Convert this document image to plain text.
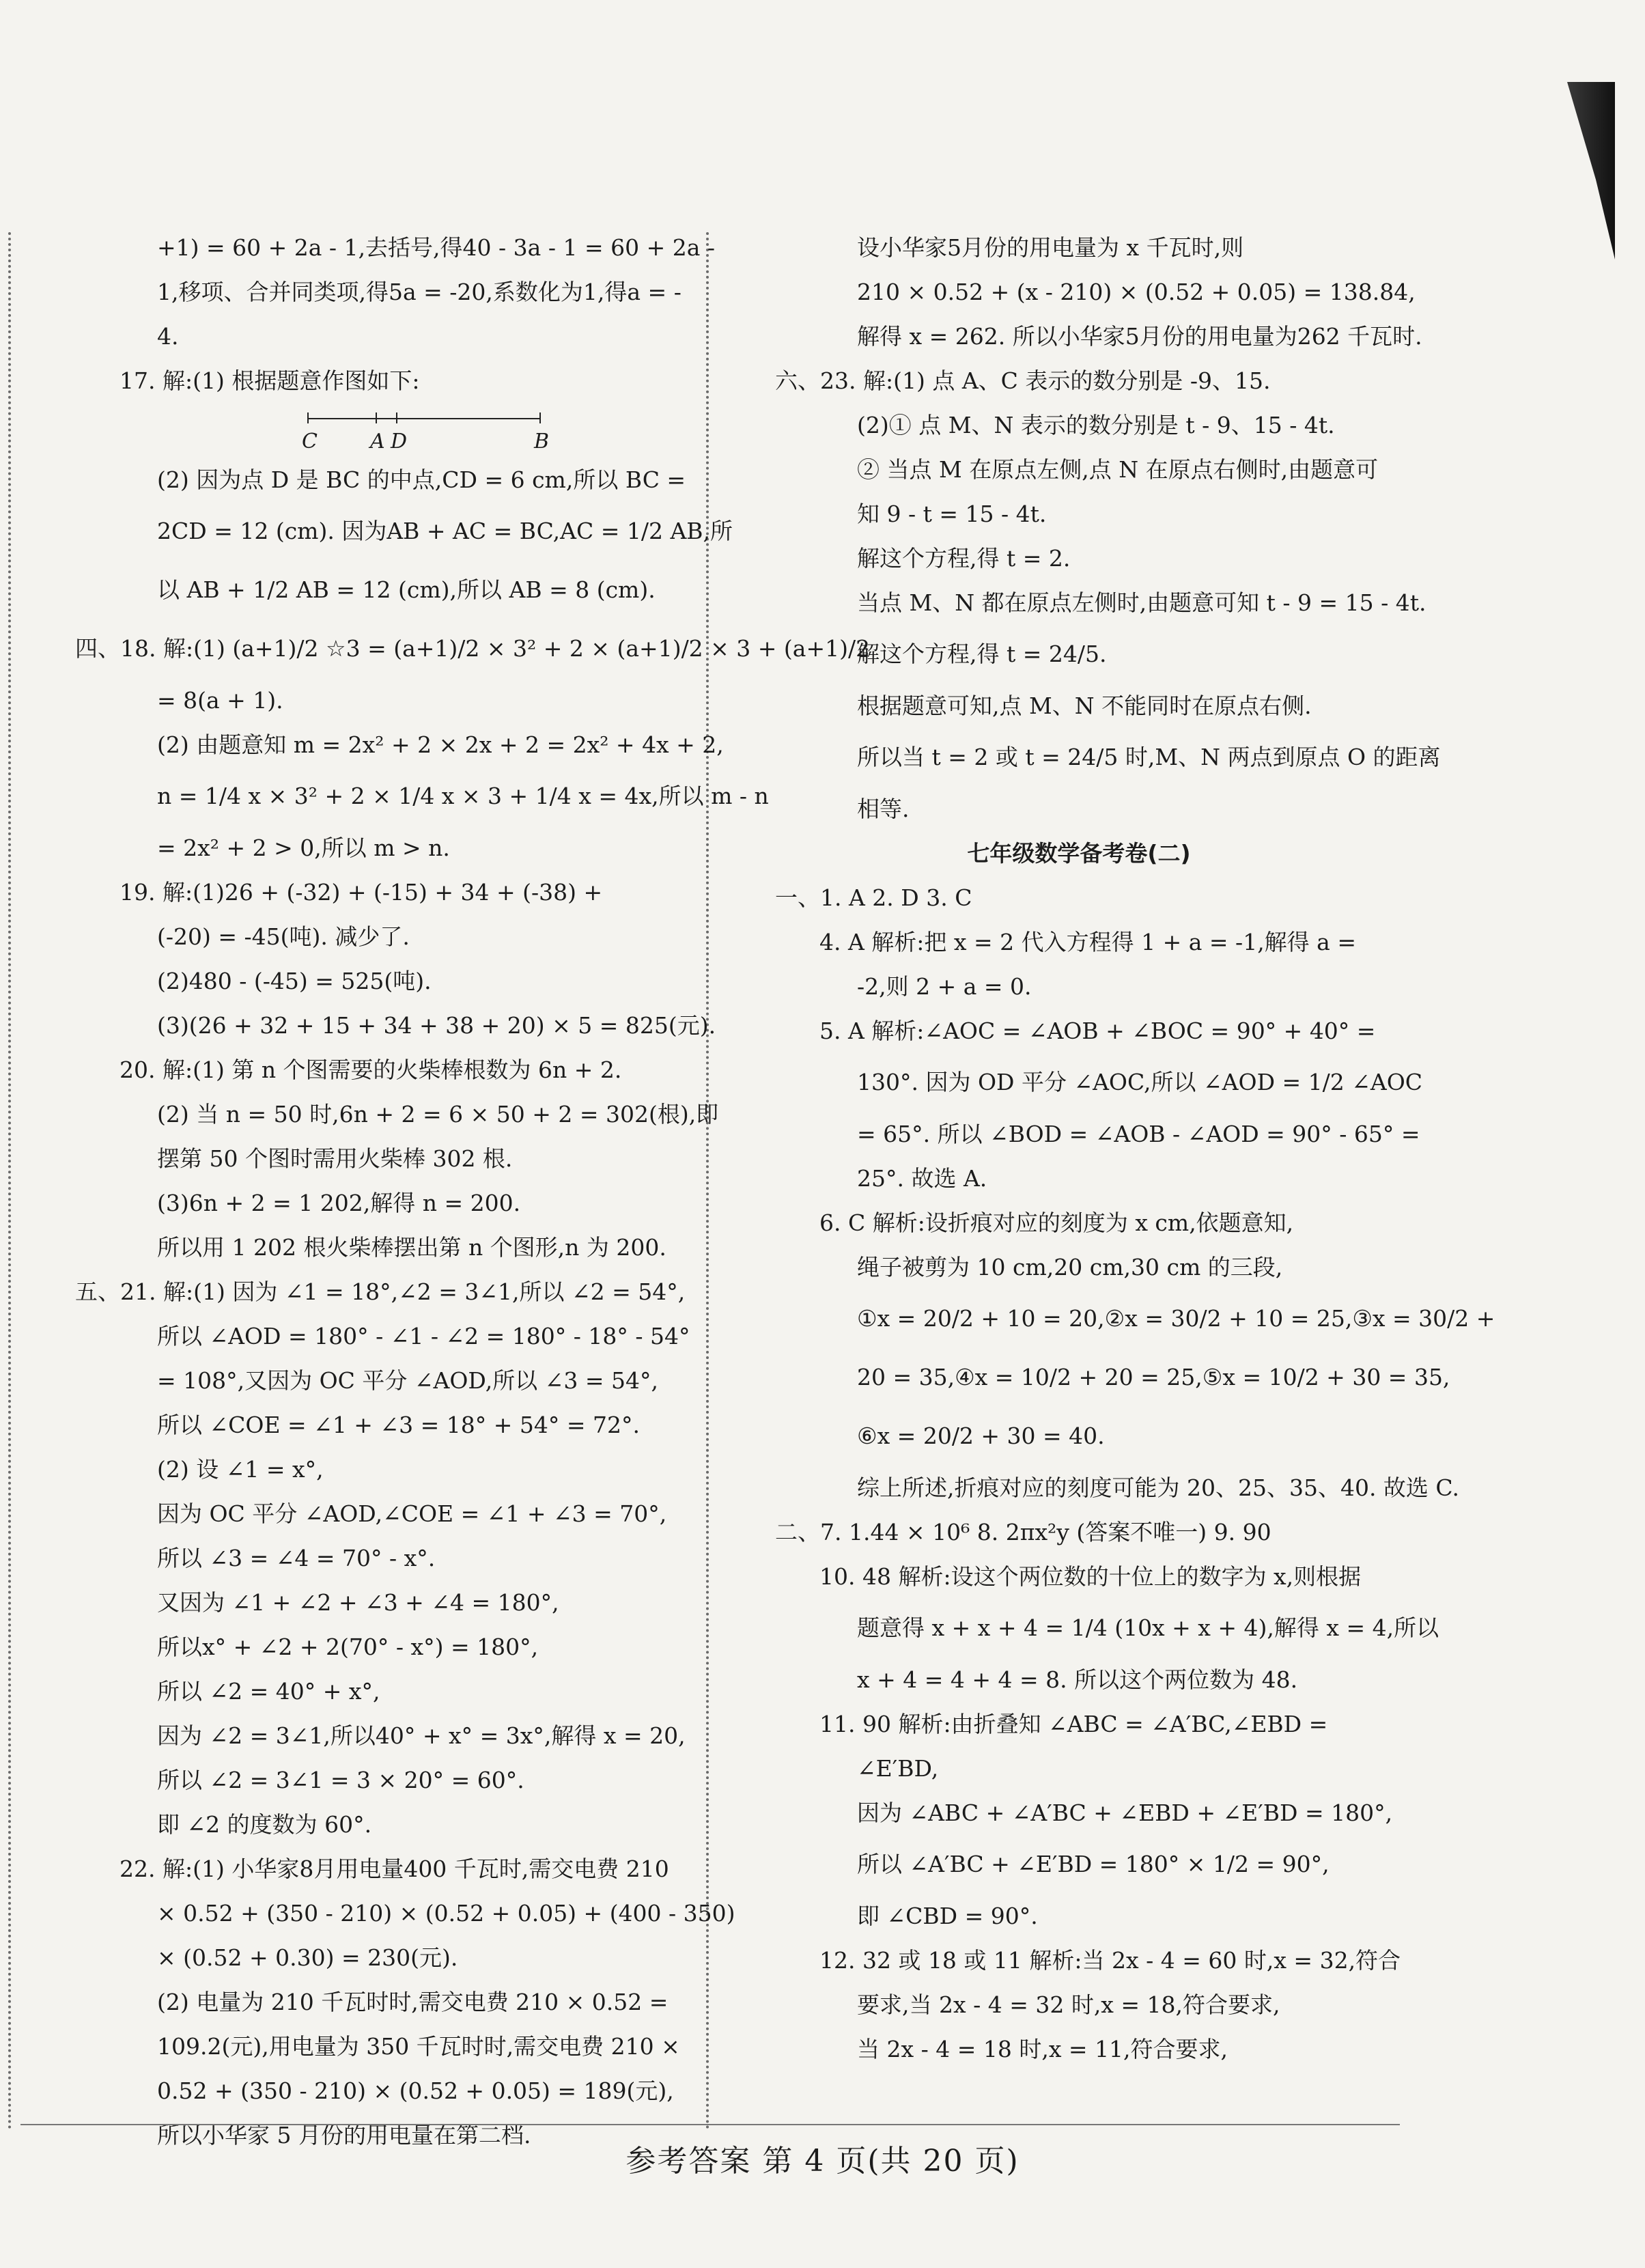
+1) = 60 + 2a - 1,去括号,得40 - 3a - 1 = 60 + 2a -
1,移项、合并同类项,得5a = -20,系数化为1,得a = -
4.
17. 解:(1) 根据题意作图如下:
C	A D	B
(2) 因为点 D 是 BC 的中点,CD = 6 cm,所以 BC =
2CD = 12 (cm). 因为AB + AC = BC,AC = 1/2 AB,所
以 AB + 1/2 AB = 12 (cm),所以 AB = 8 (cm).
四、18. 解:(1) (a+1)/2 ☆3 = (a+1)/2 × 3² + 2 × (a+1)/2 × 3 + (a+1)/2
= 8(a + 1).
(2) 由题意知 m = 2x² + 2 × 2x + 2 = 2x² + 4x + 2,
n = 1/4 x × 3² + 2 × 1/4 x × 3 + 1/4 x = 4x,所以 m - n
= 2x² + 2 > 0,所以 m > n.
19. 解:(1)26 + (-32) + (-15) + 34 + (-38) +
(-20) = -45(吨). 减少了.
(2)480 - (-45) = 525(吨).
(3)(26 + 32 + 15 + 34 + 38 + 20) × 5 = 825(元).
20. 解:(1) 第 n 个图需要的火柴棒根数为 6n + 2.
(2) 当 n = 50 时,6n + 2 = 6 × 50 + 2 = 302(根),即
摆第 50 个图时需用火柴棒 302 根.
(3)6n + 2 = 1 202,解得 n = 200.
所以用 1 202 根火柴棒摆出第 n 个图形,n 为 200.
五、21. 解:(1) 因为 ∠1 = 18°,∠2 = 3∠1,所以 ∠2 = 54°,
所以 ∠AOD = 180° - ∠1 - ∠2 = 180° - 18° - 54°
= 108°,又因为 OC 平分 ∠AOD,所以 ∠3 = 54°,
所以 ∠COE = ∠1 + ∠3 = 18° + 54° = 72°.
(2) 设 ∠1 = x°,
因为 OC 平分 ∠AOD,∠COE = ∠1 + ∠3 = 70°,
所以 ∠3 = ∠4 = 70° - x°.
又因为 ∠1 + ∠2 + ∠3 + ∠4 = 180°,
所以x° + ∠2 + 2(70° - x°) = 180°,
所以 ∠2 = 40° + x°,
因为 ∠2 = 3∠1,所以40° + x° = 3x°,解得 x = 20,
所以 ∠2 = 3∠1 = 3 × 20° = 60°.
即 ∠2 的度数为 60°.
22. 解:(1) 小华家8月用电量400 千瓦时,需交电费 210
× 0.52 + (350 - 210) × (0.52 + 0.05) + (400 - 350)
× (0.52 + 0.30) = 230(元).
(2) 电量为 210 千瓦时时,需交电费 210 × 0.52 =
109.2(元),用电量为 350 千瓦时时,需交电费 210 ×
0.52 + (350 - 210) × (0.52 + 0.05) = 189(元),
所以小华家 5 月份的用电量在第二档.
设小华家5月份的用电量为 x 千瓦时,则
210 × 0.52 + (x - 210) × (0.52 + 0.05) = 138.84,
解得 x = 262. 所以小华家5月份的用电量为262 千瓦时.
六、23. 解:(1) 点 A、C 表示的数分别是 -9、15.
(2)① 点 M、N 表示的数分别是 t - 9、15 - 4t.
② 当点 M 在原点左侧,点 N 在原点右侧时,由题意可
知 9 - t = 15 - 4t.
解这个方程,得 t = 2.
当点 M、N 都在原点左侧时,由题意可知 t - 9 = 15 - 4t.
解这个方程,得 t = 24/5.
根据题意可知,点 M、N 不能同时在原点右侧.
所以当 t = 2 或 t = 24/5 时,M、N 两点到原点 O 的距离
相等.
七年级数学备考卷(二)
一、1. A 2. D 3. C
4. A 解析:把 x = 2 代入方程得 1 + a = -1,解得 a =
-2,则 2 + a = 0.
5. A 解析:∠AOC = ∠AOB + ∠BOC = 90° + 40° =
130°. 因为 OD 平分 ∠AOC,所以 ∠AOD = 1/2 ∠AOC
= 65°. 所以 ∠BOD = ∠AOB - ∠AOD = 90° - 65° =
25°. 故选 A.
6. C 解析:设折痕对应的刻度为 x cm,依题意知,
绳子被剪为 10 cm,20 cm,30 cm 的三段,
①x = 20/2 + 10 = 20,②x = 30/2 + 10 = 25,③x = 30/2 +
20 = 35,④x = 10/2 + 20 = 25,⑤x = 10/2 + 30 = 35,
⑥x = 20/2 + 30 = 40.
综上所述,折痕对应的刻度可能为 20、25、35、40. 故选 C.
二、7. 1.44 × 10⁶ 8. 2πx²y (答案不唯一) 9. 90
10. 48 解析:设这个两位数的十位上的数字为 x,则根据
题意得 x + x + 4 = 1/4 (10x + x + 4),解得 x = 4,所以
x + 4 = 4 + 4 = 8. 所以这个两位数为 48.
11. 90 解析:由折叠知 ∠ABC = ∠A′BC,∠EBD =
∠E′BD,
因为 ∠ABC + ∠A′BC + ∠EBD + ∠E′BD = 180°,
所以 ∠A′BC + ∠E′BD = 180° × 1/2 = 90°,
即 ∠CBD = 90°.
12. 32 或 18 或 11 解析:当 2x - 4 = 60 时,x = 32,符合
要求,当 2x - 4 = 32 时,x = 18,符合要求,
当 2x - 4 = 18 时,x = 11,符合要求,
参考答案 第 4 页(共 20 页)
